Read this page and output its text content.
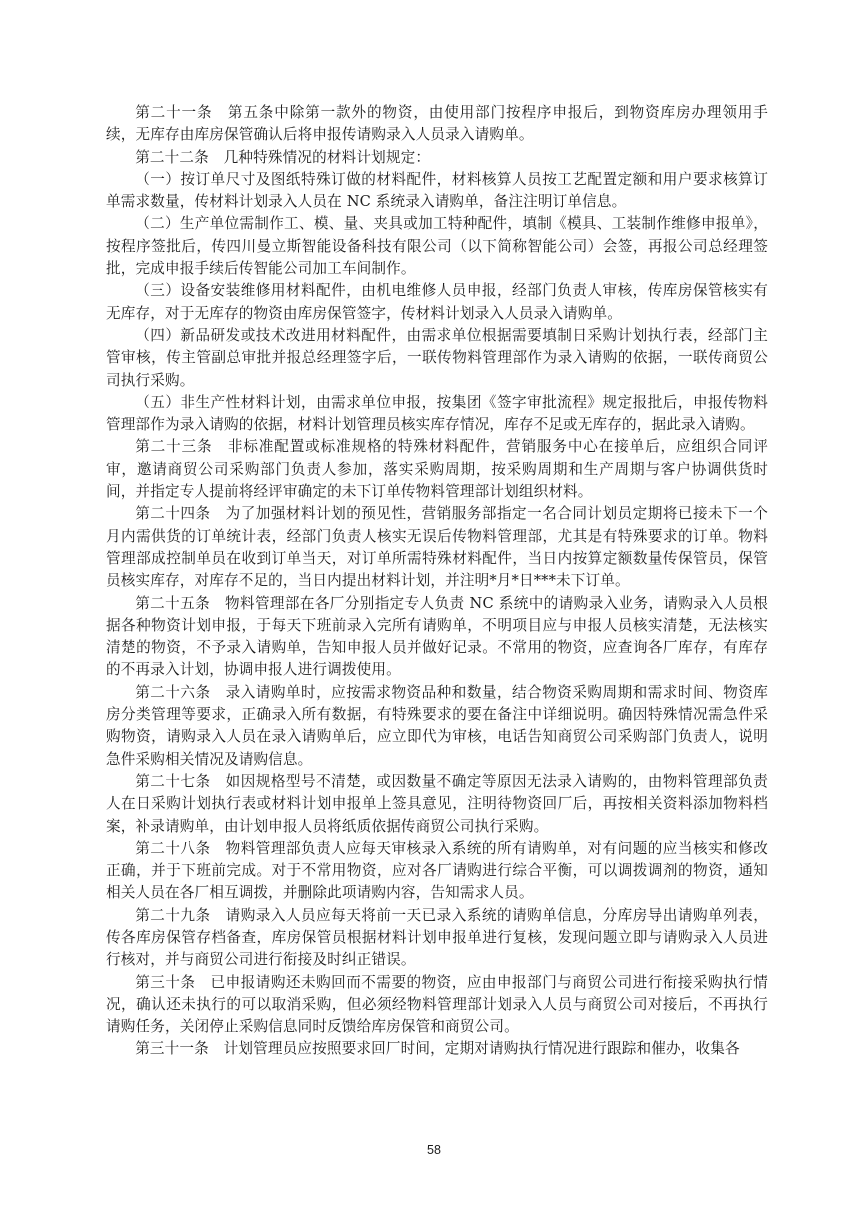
第二十一条　第五条中除第一款外的物资，由使用部门按程序申报后，到物资库房办理领用手续，无库存由库房保管确认后将申报传请购录入人员录入请购单。

第二十二条　几种特殊情况的材料计划规定：

（一）按订单尺寸及图纸特殊订做的材料配件，材料核算人员按工艺配置定额和用户要求核算订单需求数量，传材料计划录入人员在 NC 系统录入请购单，备注注明订单信息。

（二）生产单位需制作工、模、量、夹具或加工特种配件，填制《模具、工装制作维修申报单》，按程序签批后，传四川曼立斯智能设备科技有限公司（以下简称智能公司）会签，再报公司总经理签批，完成申报手续后传智能公司加工车间制作。

（三）设备安装维修用材料配件，由机电维修人员申报，经部门负责人审核，传库房保管核实有无库存，对于无库存的物资由库房保管签字，传材料计划录入人员录入请购单。

（四）新品研发或技术改进用材料配件，由需求单位根据需要填制日采购计划执行表，经部门主管审核，传主管副总审批并报总经理签字后，一联传物料管理部作为录入请购的依据，一联传商贸公司执行采购。

（五）非生产性材料计划，由需求单位申报，按集团《签字审批流程》规定报批后，申报传物料管理部作为录入请购的依据，材料计划管理员核实库存情况，库存不足或无库存的，据此录入请购。

第二十三条　非标准配置或标准规格的特殊材料配件，营销服务中心在接单后，应组织合同评审，邀请商贸公司采购部门负责人参加，落实采购周期，按采购周期和生产周期与客户协调供货时间，并指定专人提前将经评审确定的未下订单传物料管理部计划组织材料。

第二十四条　为了加强材料计划的预见性，营销服务部指定一名合同计划员定期将已接未下一个月内需供货的订单统计表，经部门负责人核实无误后传物料管理部，尤其是有特殊要求的订单。物料管理部成控制单员在收到订单当天，对订单所需特殊材料配件，当日内按算定额数量传保管员，保管员核实库存，对库存不足的，当日内提出材料计划，并注明*月*日***未下订单。

第二十五条　物料管理部在各厂分别指定专人负责 NC 系统中的请购录入业务，请购录入人员根据各种物资计划申报，于每天下班前录入完所有请购单，不明项目应与申报人员核实清楚，无法核实清楚的物资，不予录入请购单，告知申报人员并做好记录。不常用的物资，应查询各厂库存，有库存的不再录入计划，协调申报人进行调拨使用。

第二十六条　录入请购单时，应按需求物资品种和数量，结合物资采购周期和需求时间、物资库房分类管理等要求，正确录入所有数据，有特殊要求的要在备注中详细说明。确因特殊情况需急件采购物资，请购录入人员在录入请购单后，应立即代为审核，电话告知商贸公司采购部门负责人，说明急件采购相关情况及请购信息。

第二十七条　如因规格型号不清楚，或因数量不确定等原因无法录入请购的，由物料管理部负责人在日采购计划执行表或材料计划申报单上签具意见，注明待物资回厂后，再按相关资料添加物料档案，补录请购单，由计划申报人员将纸质依据传商贸公司执行采购。

第二十八条　物料管理部负责人应每天审核录入系统的所有请购单，对有问题的应当核实和修改正确，并于下班前完成。对于不常用物资，应对各厂请购进行综合平衡，可以调拨调剂的物资，通知相关人员在各厂相互调拨，并删除此项请购内容，告知需求人员。

第二十九条　请购录入人员应每天将前一天已录入系统的请购单信息，分库房导出请购单列表，传各库房保管存档备查，库房保管员根据材料计划申报单进行复核，发现问题立即与请购录入人员进行核对，并与商贸公司进行衔接及时纠正错误。

第三十条　已申报请购还未购回而不需要的物资，应由申报部门与商贸公司进行衔接采购执行情况，确认还未执行的可以取消采购，但必须经物料管理部计划录入人员与商贸公司对接后，不再执行请购任务，关闭停止采购信息同时反馈给库房保管和商贸公司。

第三十一条　计划管理员应按照要求回厂时间，定期对请购执行情况进行跟踪和催办，收集各

58
